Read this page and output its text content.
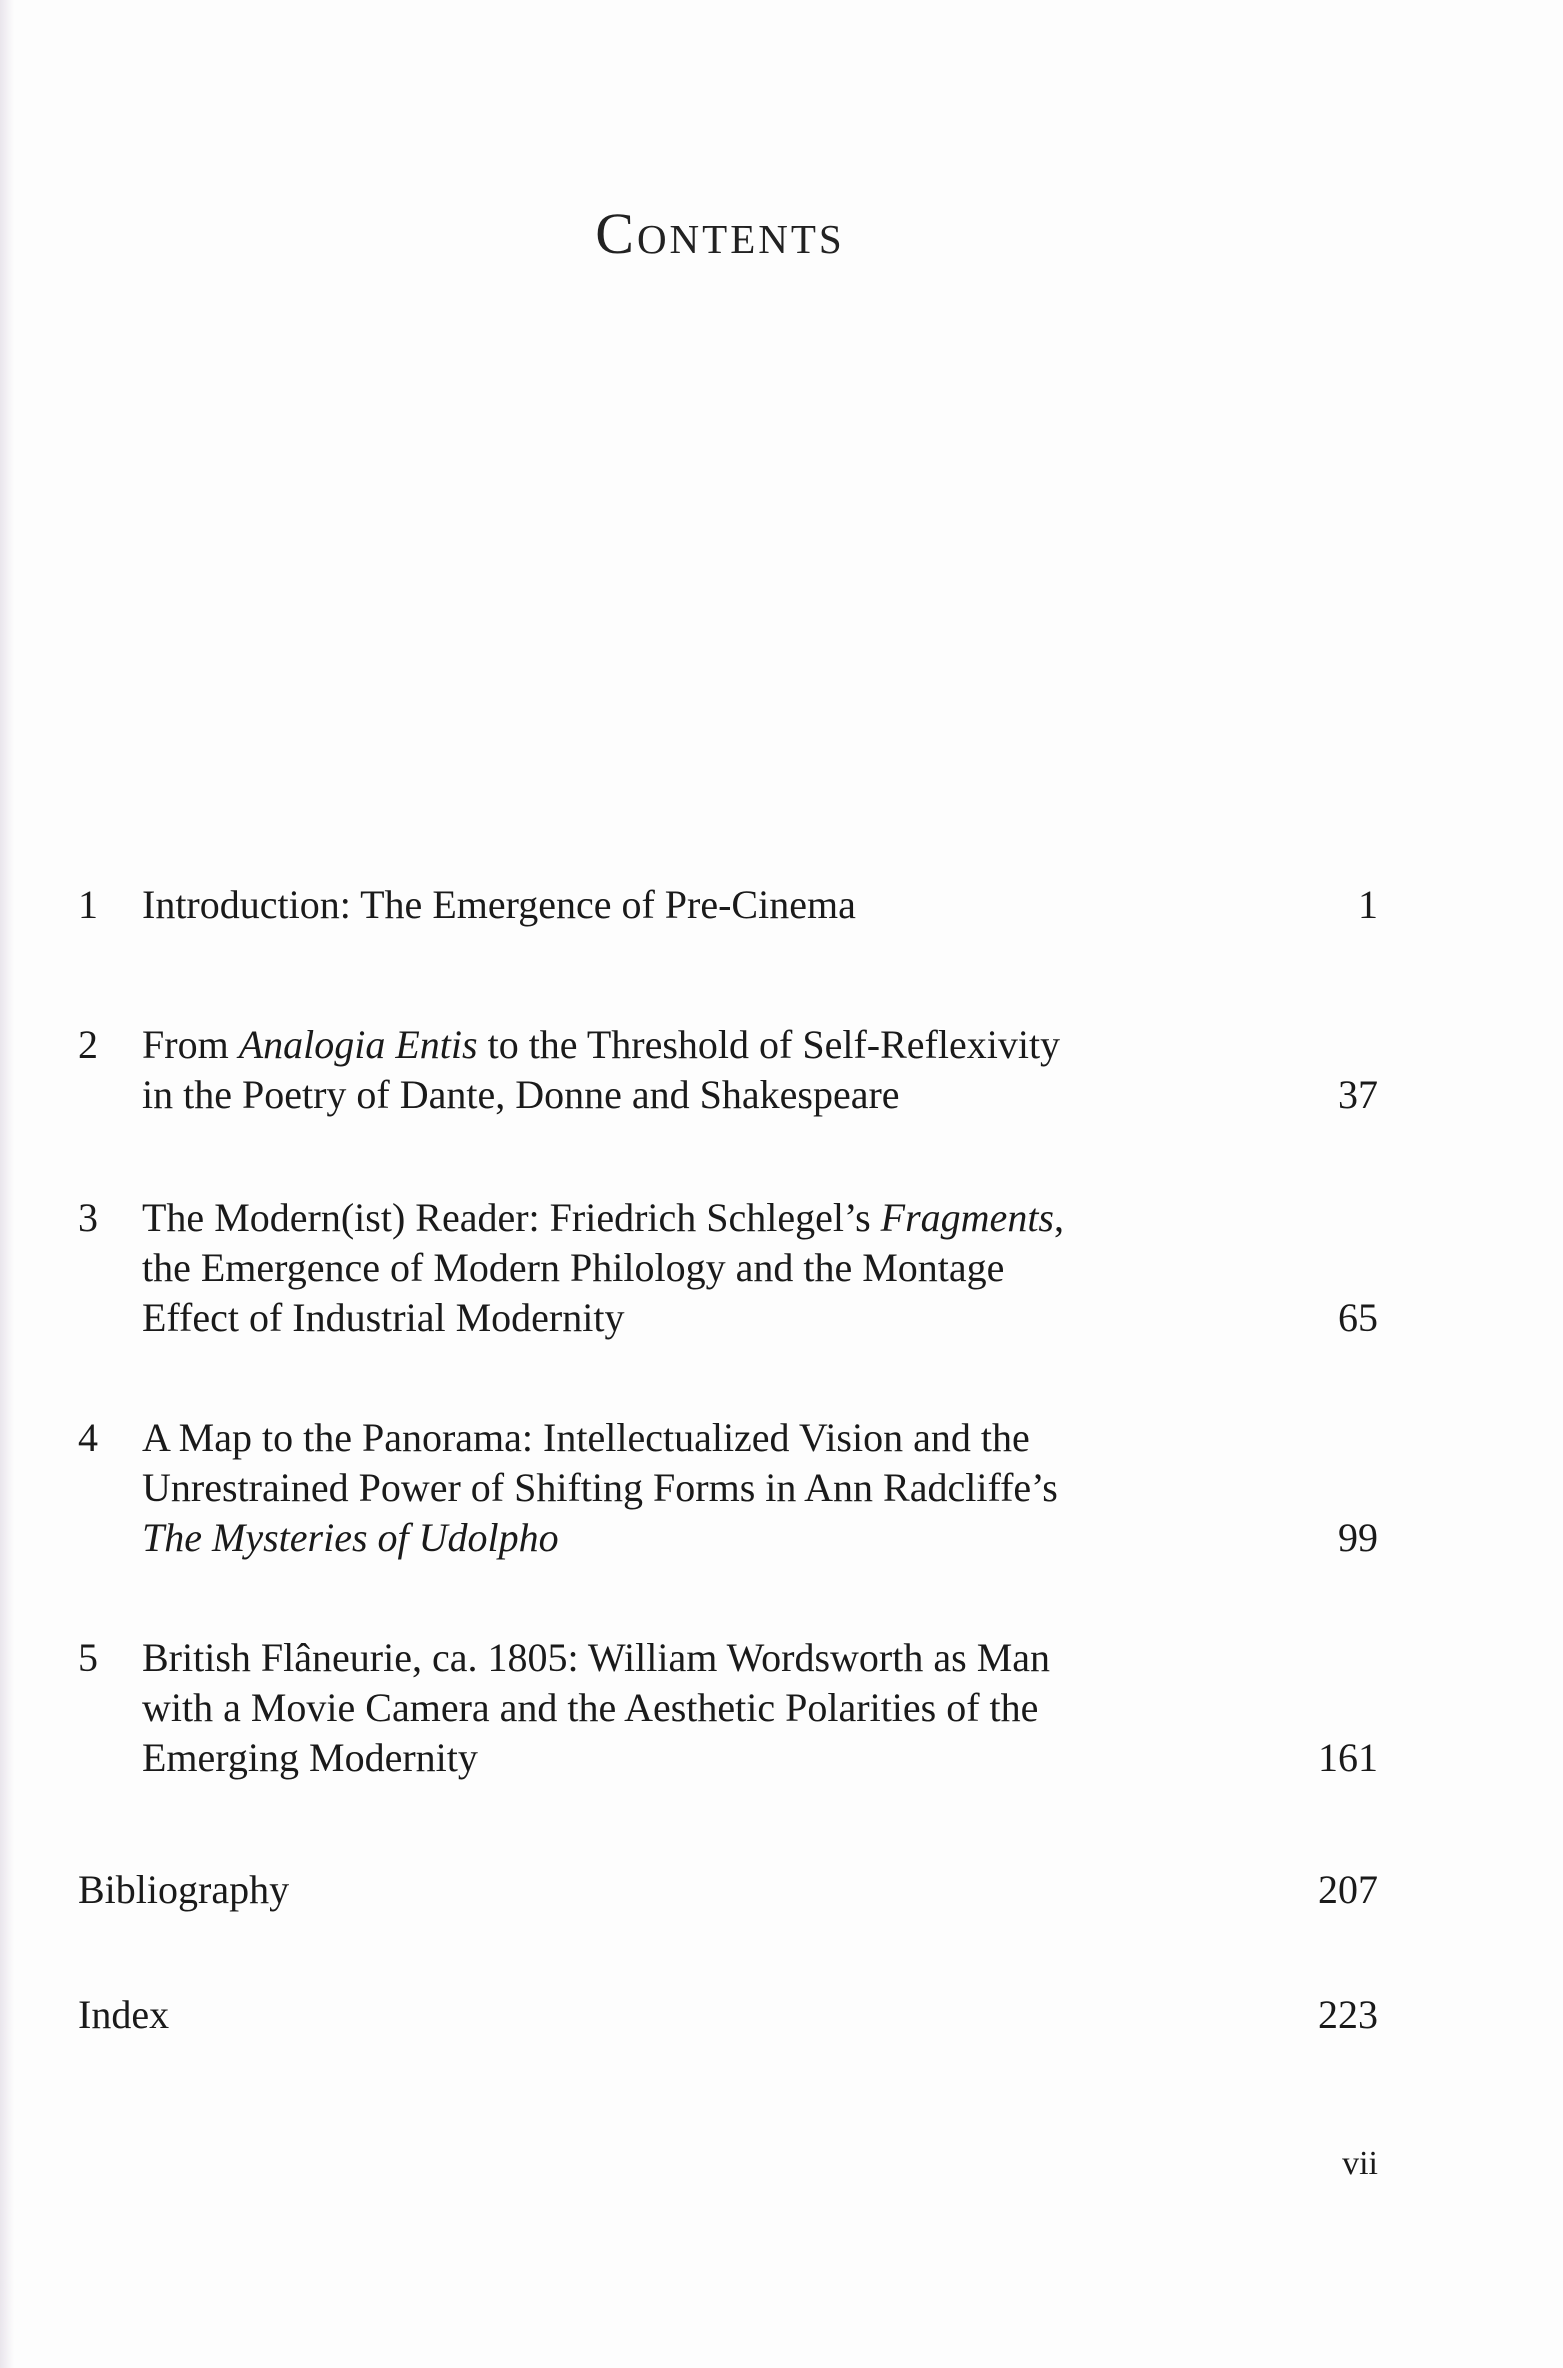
Contents
1	Introduction: The Emergence of Pre-Cinema	1
2	From Analogia Entis to the Threshold of Self-Reflexivity
in the Poetry of Dante, Donne and Shakespeare	37
3	The Modern(ist) Reader: Friedrich Schlegel’s Fragments,
the Emergence of Modern Philology and the Montage
Effect of Industrial Modernity	65
4	A Map to the Panorama: Intellectualized Vision and the
Unrestrained Power of Shifting Forms in Ann Radcliffe’s
The Mysteries of Udolpho	99
5	British Flâneurie, ca. 1805: William Wordsworth as Man
with a Movie Camera and the Aesthetic Polarities of the
Emerging Modernity	161
Bibliography	207
Index	223
vii
